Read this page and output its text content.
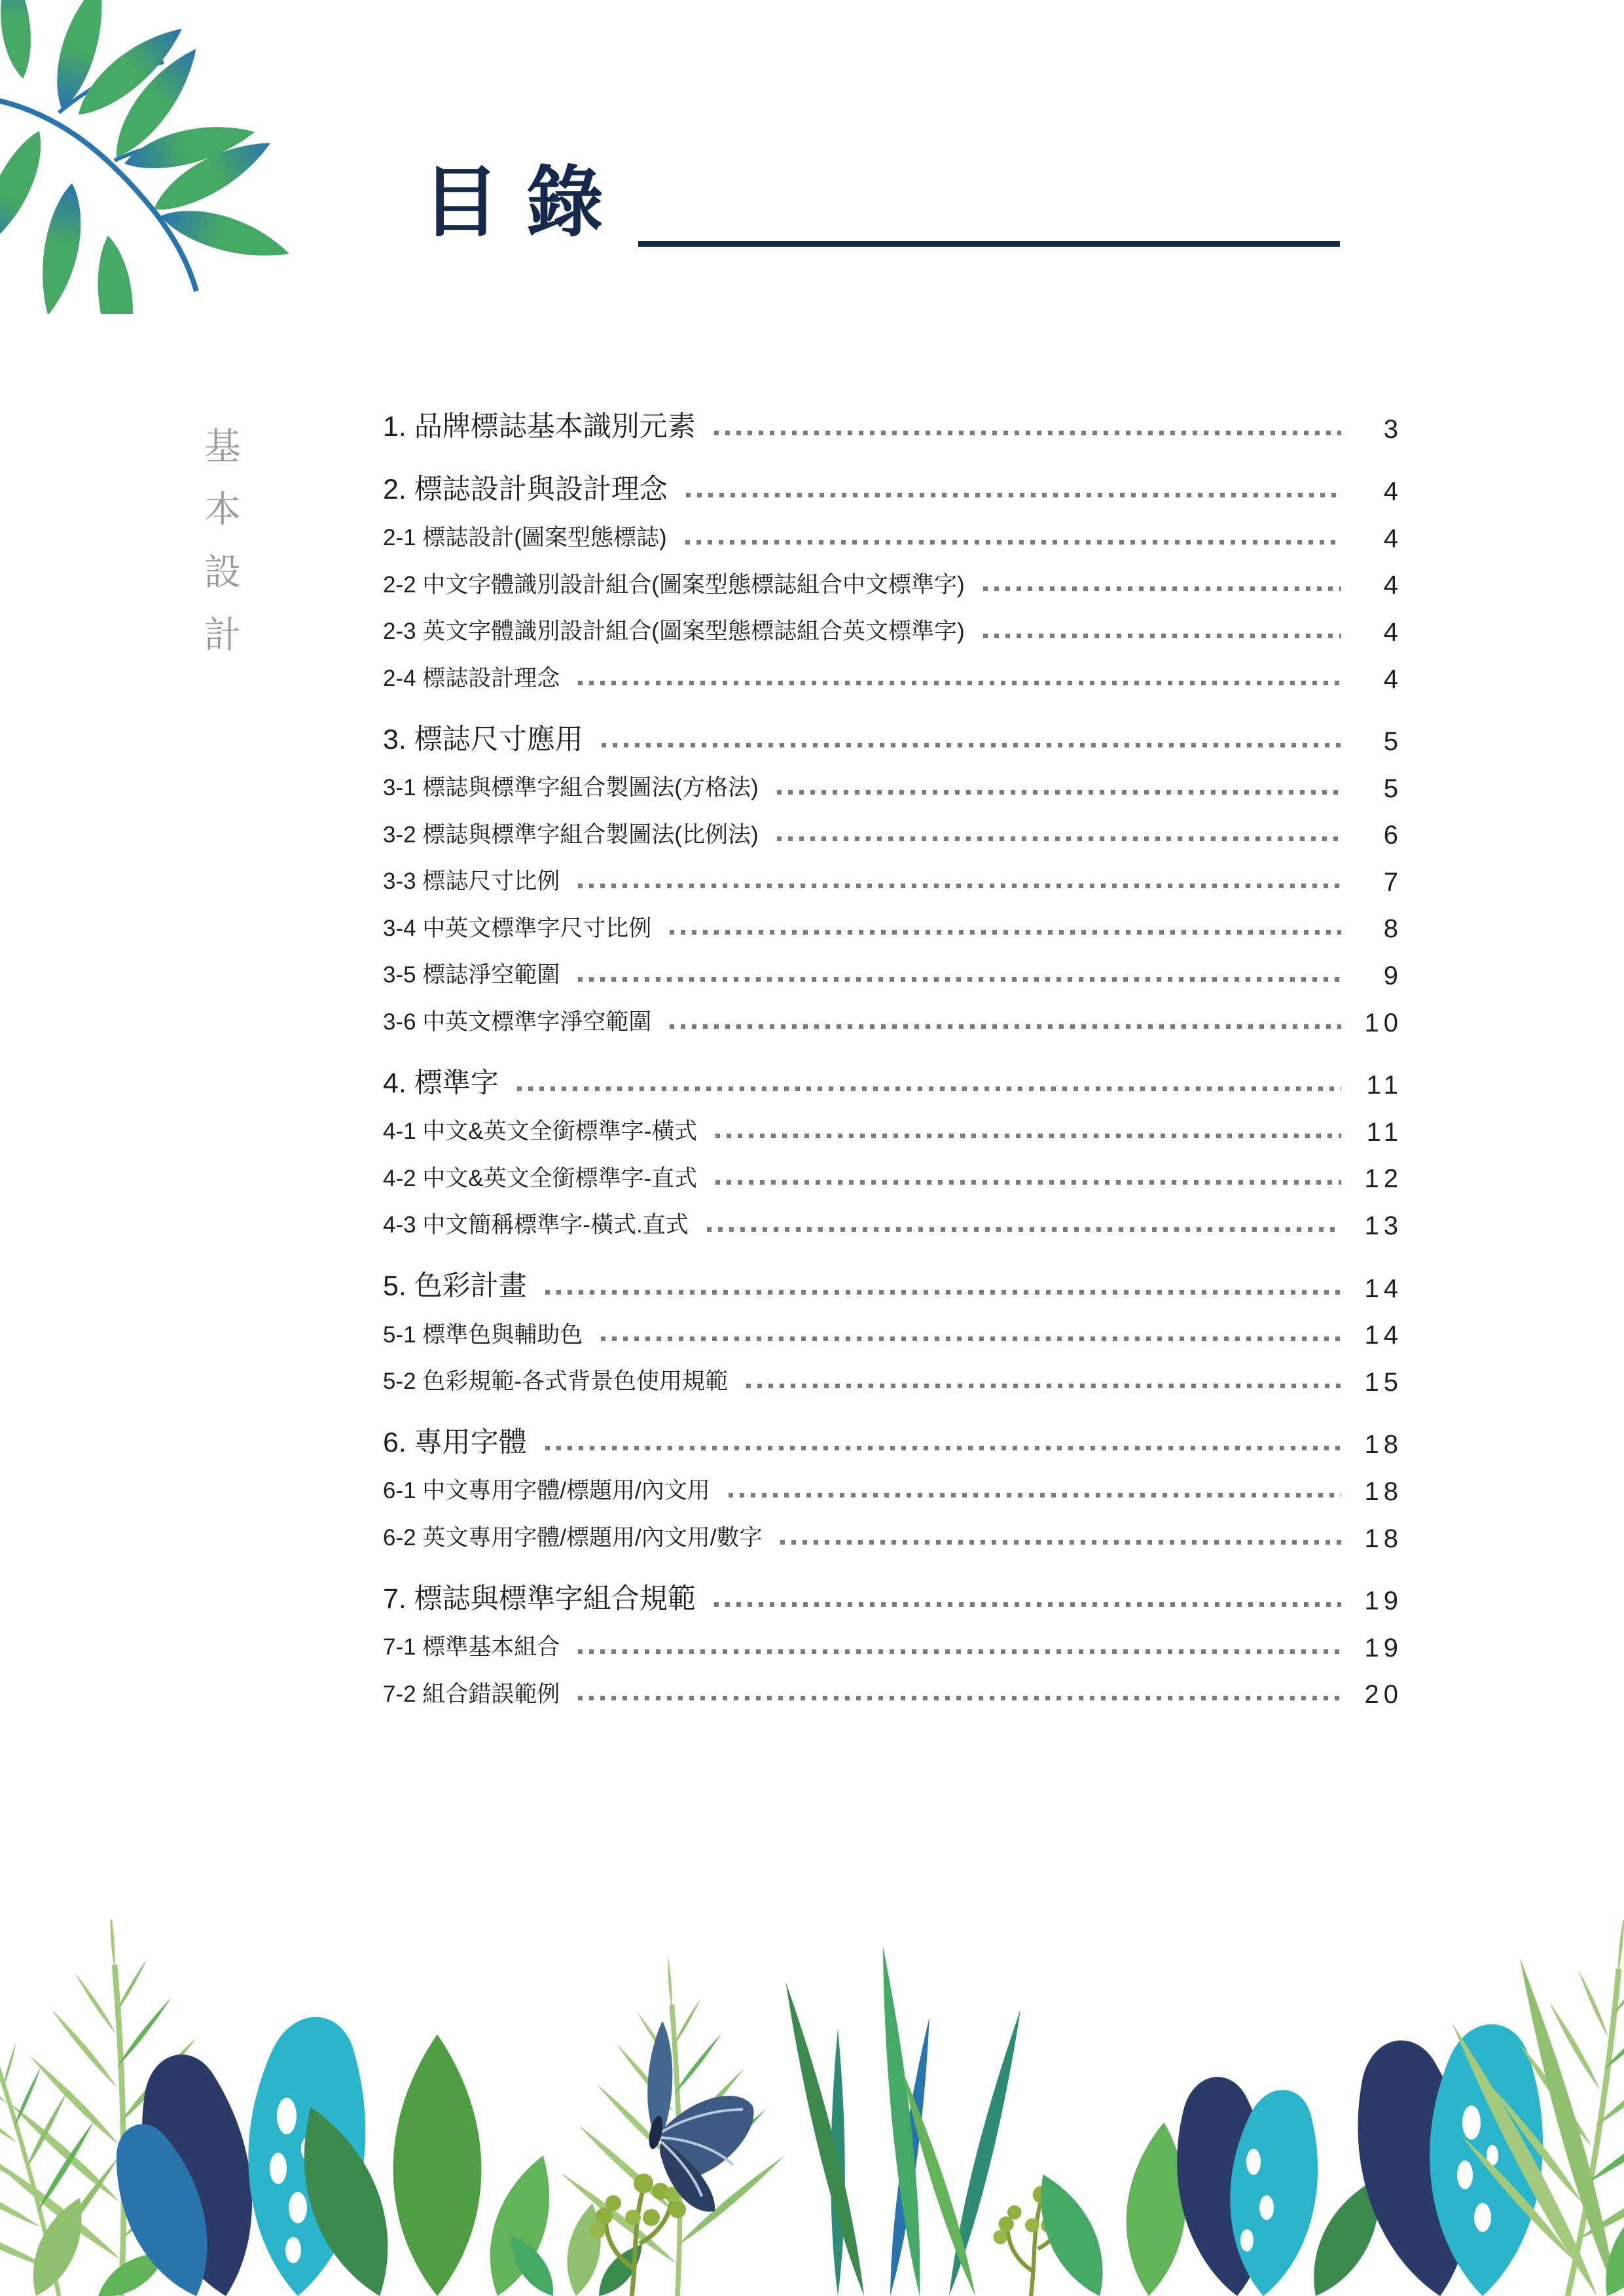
基本設計
目 錄
1. 品牌標誌基本識別元素	3
2. 標誌設計與設計理念	4
2-1 標誌設計(圖案型態標誌)	4
2-2 中文字體識別設計組合(圖案型態標誌組合中文標準字)	4
2-3 英文字體識別設計組合(圖案型態標誌組合英文標準字)	4
2-4 標誌設計理念	4
3. 標誌尺寸應用	5
3-1 標誌與標準字組合製圖法(方格法)	5
3-2 標誌與標準字組合製圖法(比例法)	6
3-3 標誌尺寸比例	7
3-4 中英文標準字尺寸比例	8
3-5 標誌淨空範圍	9
3-6 中英文標準字淨空範圍	10
4. 標準字	11
4-1 中文&英文全銜標準字-橫式	11
4-2 中文&英文全銜標準字-直式	12
4-3 中文簡稱標準字-橫式.直式	13
5. 色彩計畫	14
5-1 標準色與輔助色	14
5-2 色彩規範-各式背景色使用規範	15
6. 專用字體	18
6-1 中文專用字體/標題用/內文用	18
6-2 英文專用字體/標題用/內文用/數字	18
7. 標誌與標準字組合規範	19
7-1 標準基本組合	19
7-2 組合錯誤範例	20
